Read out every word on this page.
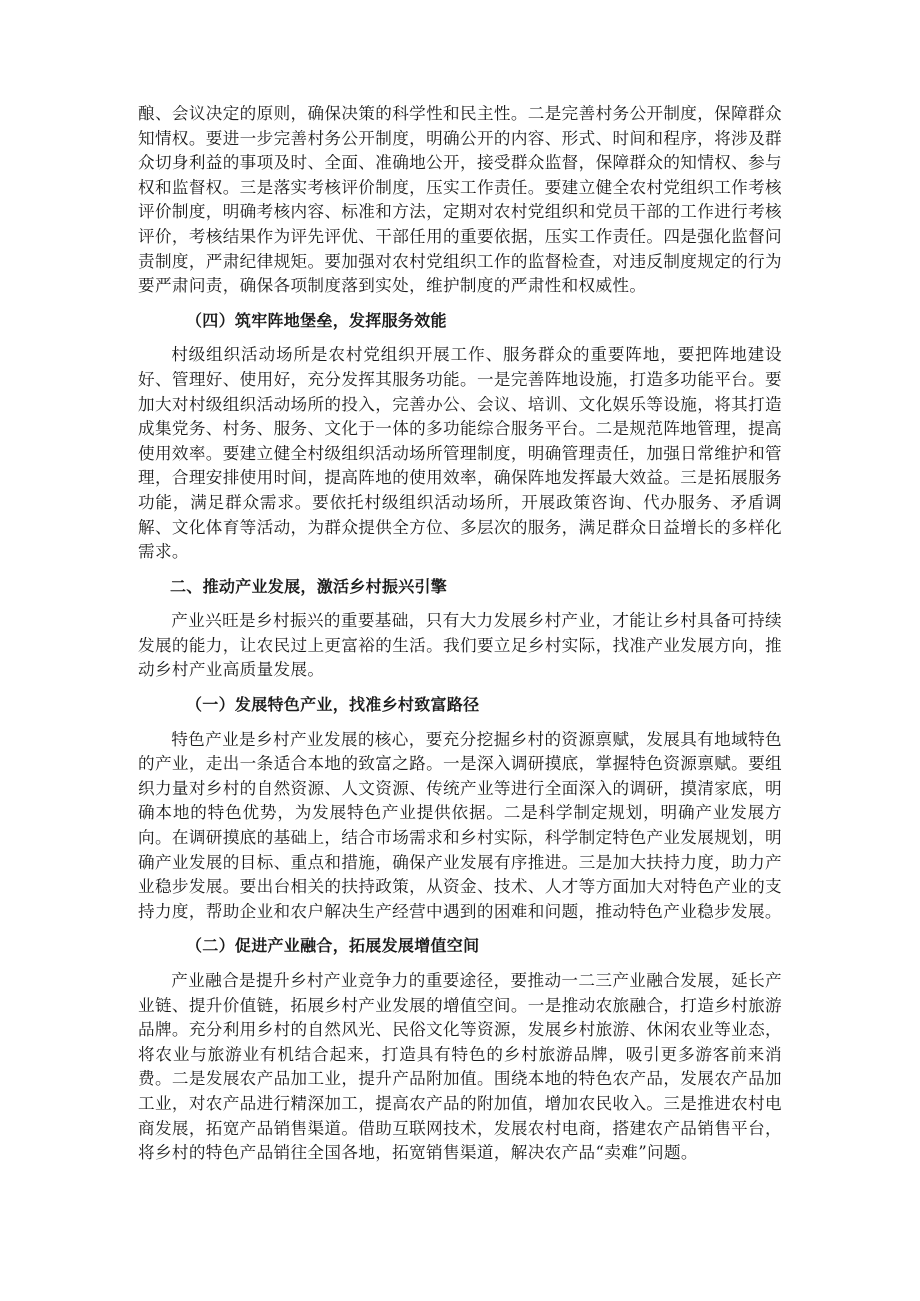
酿、会议决定的原则，确保决策的科学性和民主性。二是完善村务公开制度，保障群众知情权。要进一步完善村务公开制度，明确公开的内容、形式、时间和程序，将涉及群众切身利益的事项及时、全面、准确地公开，接受群众监督，保障群众的知情权、参与权和监督权。三是落实考核评价制度，压实工作责任。要建立健全农村党组织工作考核评价制度，明确考核内容、标准和方法，定期对农村党组织和党员干部的工作进行考核评价，考核结果作为评先评优、干部任用的重要依据，压实工作责任。四是强化监督问责制度，严肃纪律规矩。要加强对农村党组织工作的监督检查，对违反制度规定的行为要严肃问责，确保各项制度落到实处，维护制度的严肃性和权威性。

（四）筑牢阵地堡垒，发挥服务效能

村级组织活动场所是农村党组织开展工作、服务群众的重要阵地，要把阵地建设好、管理好、使用好，充分发挥其服务功能。一是完善阵地设施，打造多功能平台。要加大对村级组织活动场所的投入，完善办公、会议、培训、文化娱乐等设施，将其打造成集党务、村务、服务、文化于一体的多功能综合服务平台。二是规范阵地管理，提高使用效率。要建立健全村级组织活动场所管理制度，明确管理责任，加强日常维护和管理，合理安排使用时间，提高阵地的使用效率，确保阵地发挥最大效益。三是拓展服务功能，满足群众需求。要依托村级组织活动场所，开展政策咨询、代办服务、矛盾调解、文化体育等活动，为群众提供全方位、多层次的服务，满足群众日益增长的多样化需求。

二、推动产业发展，激活乡村振兴引擎

产业兴旺是乡村振兴的重要基础，只有大力发展乡村产业，才能让乡村具备可持续发展的能力，让农民过上更富裕的生活。我们要立足乡村实际，找准产业发展方向，推动乡村产业高质量发展。

（一）发展特色产业，找准乡村致富路径

特色产业是乡村产业发展的核心，要充分挖掘乡村的资源禀赋，发展具有地域特色的产业，走出一条适合本地的致富之路。一是深入调研摸底，掌握特色资源禀赋。要组织力量对乡村的自然资源、人文资源、传统产业等进行全面深入的调研，摸清家底，明确本地的特色优势，为发展特色产业提供依据。二是科学制定规划，明确产业发展方向。在调研摸底的基础上，结合市场需求和乡村实际，科学制定特色产业发展规划，明确产业发展的目标、重点和措施，确保产业发展有序推进。三是加大扶持力度，助力产业稳步发展。要出台相关的扶持政策，从资金、技术、人才等方面加大对特色产业的支持力度，帮助企业和农户解决生产经营中遇到的困难和问题，推动特色产业稳步发展。

（二）促进产业融合，拓展发展增值空间

产业融合是提升乡村产业竞争力的重要途径，要推动一二三产业融合发展，延长产业链、提升价值链，拓展乡村产业发展的增值空间。一是推动农旅融合，打造乡村旅游品牌。充分利用乡村的自然风光、民俗文化等资源，发展乡村旅游、休闲农业等业态，将农业与旅游业有机结合起来，打造具有特色的乡村旅游品牌，吸引更多游客前来消费。二是发展农产品加工业，提升产品附加值。围绕本地的特色农产品，发展农产品加工业，对农产品进行精深加工，提高农产品的附加值，增加农民收入。三是推进农村电商发展，拓宽产品销售渠道。借助互联网技术，发展农村电商，搭建农产品销售平台，将乡村的特色产品销往全国各地，拓宽销售渠道，解决农产品“卖难”问题。
